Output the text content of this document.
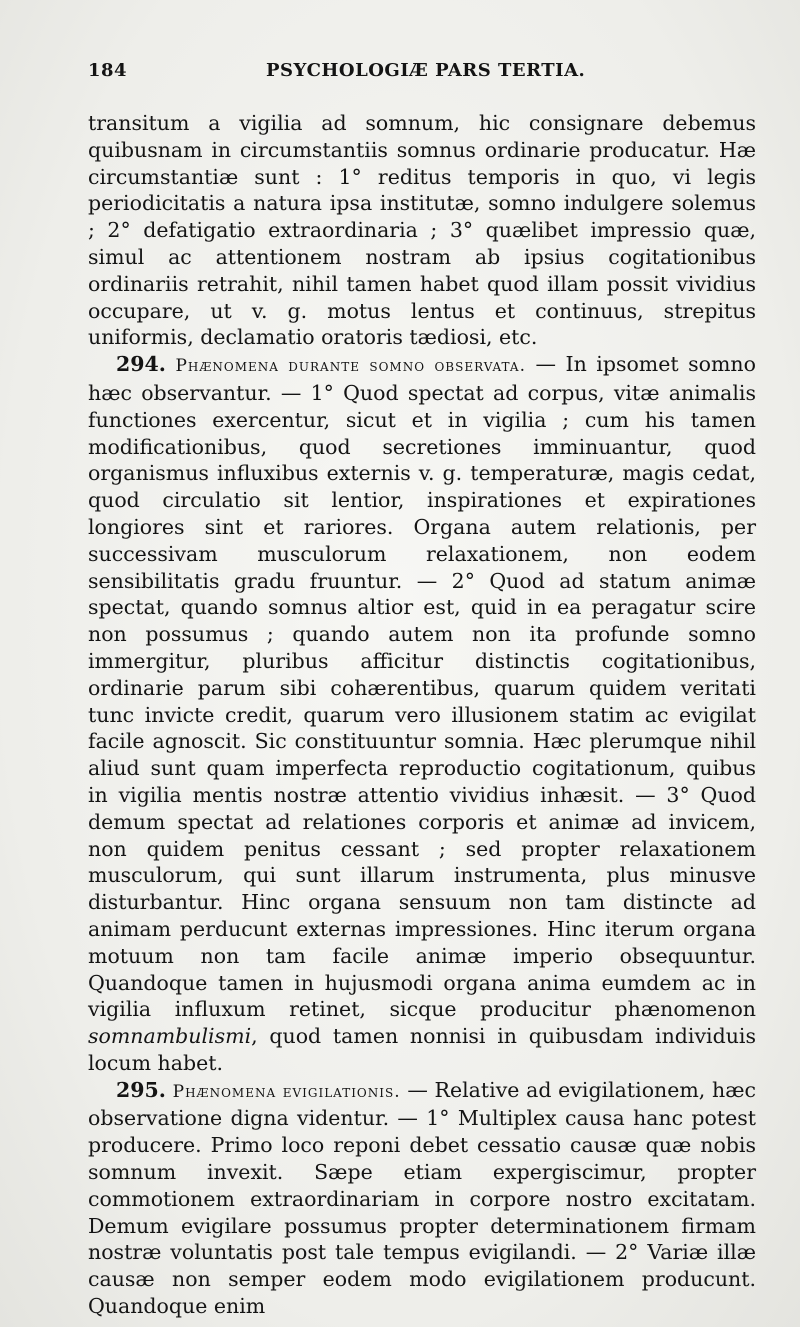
184	PSYCHOLOGIÆ PARS TERTIA.

transitum a vigilia ad somnum, hic consignare debemus quibusnam in circumstantiis somnus ordinarie producatur. Hæ circumstantiæ sunt : 1° reditus temporis in quo, vi legis periodicitatis a natura ipsa institutæ, somno indulgere solemus ; 2° defatigatio extraordinaria ; 3° quælibet impressio quæ, simul ac attentionem nostram ab ipsius cogitationibus ordinariis retrahit, nihil tamen habet quod illam possit vividius occupare, ut v. g. motus lentus et continuus, strepitus uniformis, declamatio oratoris tædiosi, etc.

294. Phænomena durante somno observata. — In ipsomet somno hæc observantur. — 1° Quod spectat ad corpus, vitæ animalis functiones exercentur, sicut et in vigilia ; cum his tamen modificationibus, quod secretiones imminuantur, quod organismus influxibus externis v. g. temperaturæ, magis cedat, quod circulatio sit lentior, inspirationes et expirationes longiores sint et rariores. Organa autem relationis, per successivam musculorum relaxationem, non eodem sensibilitatis gradu fruuntur. — 2° Quod ad statum animæ spectat, quando somnus altior est, quid in ea peragatur scire non possumus ; quando autem non ita profunde somno immergitur, pluribus afficitur distinctis cogitationibus, ordinarie parum sibi cohærentibus, quarum quidem veritati tunc invicte credit, quarum vero illusionem statim ac evigilat facile agnoscit. Sic constituuntur somnia. Hæc plerumque nihil aliud sunt quam imperfecta reproductio cogitationum, quibus in vigilia mentis nostræ attentio vividius inhæsit. — 3° Quod demum spectat ad relationes corporis et animæ ad invicem, non quidem penitus cessant ; sed propter relaxationem musculorum, qui sunt illarum instrumenta, plus minusve disturbantur. Hinc organa sensuum non tam distincte ad animam perducunt externas impressiones. Hinc iterum organa motuum non tam facile animæ imperio obsequuntur. Quandoque tamen in hujusmodi organa anima eumdem ac in vigilia influxum retinet, sicque producitur phænomenon somnambulismi, quod tamen nonnisi in quibusdam individuis locum habet.

295. Phænomena evigilationis. — Relative ad evigilationem, hæc observatione digna videntur. — 1° Multiplex causa hanc potest producere. Primo loco reponi debet cessatio causæ quæ nobis somnum invexit. Sæpe etiam expergiscimur, propter commotionem extraordinariam in corpore nostro excitatam. Demum evigilare possumus propter determinationem firmam nostræ voluntatis post tale tempus evigilandi. — 2° Variæ illæ causæ non semper eodem modo evigilationem producunt. Quandoque enim
